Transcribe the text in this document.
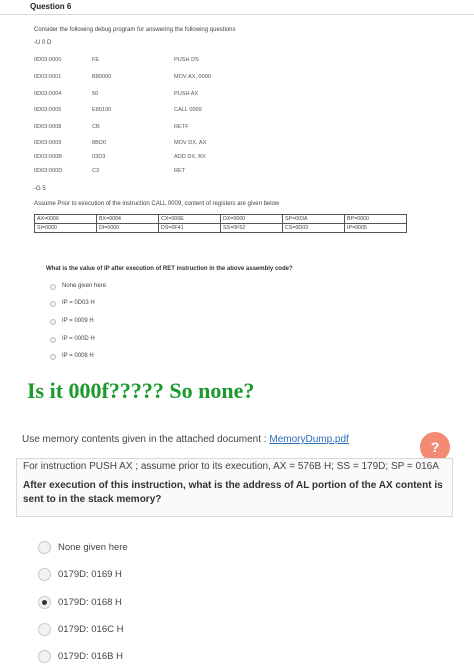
Question 6
Consider the following debug program for answering the following questions
-U 0 D
0D03:0000	FE	PUSH DS
0D03:0001	B80000	MOV AX, 0000
0D03:0004	50	PUSH AX
0D03:0005	E80100	CALL 0009
0D03:0008	CB	RETF
0D03:0009	8BD0	MOV DX, AX
0D03:000B	03D3	ADD DX, BX
0D03:000D	C3	RET
-G 5
Assume Prior to execution of the instruction CALL 0009, content of registers are given below
AX=0006	BX=0004	CX=000E	DX=0000	SP=003A	BP=0000
SI=0000	DI=0000	DS=0F41	SS=0F52	CS=0D03	IP=0005
What is the value of IP after execution of RET instruction in the above assembly code?
None given here
IP = 0D03 H
IP = 0009 H
IP = 000D H
IP = 0008 H
Is it 000f????? So none?
Use memory contents given in the attached document : MemoryDump.pdf	?
For instruction PUSH AX ; assume prior to its execution, AX = 576B H; SS = 179D; SP = 016A
After execution of this instruction, what is the address of AL portion of the AX content is sent to in the stack memory?
None given here
0179D: 0169 H
0179D: 0168 H
0179D: 016C H
0179D: 016B H
